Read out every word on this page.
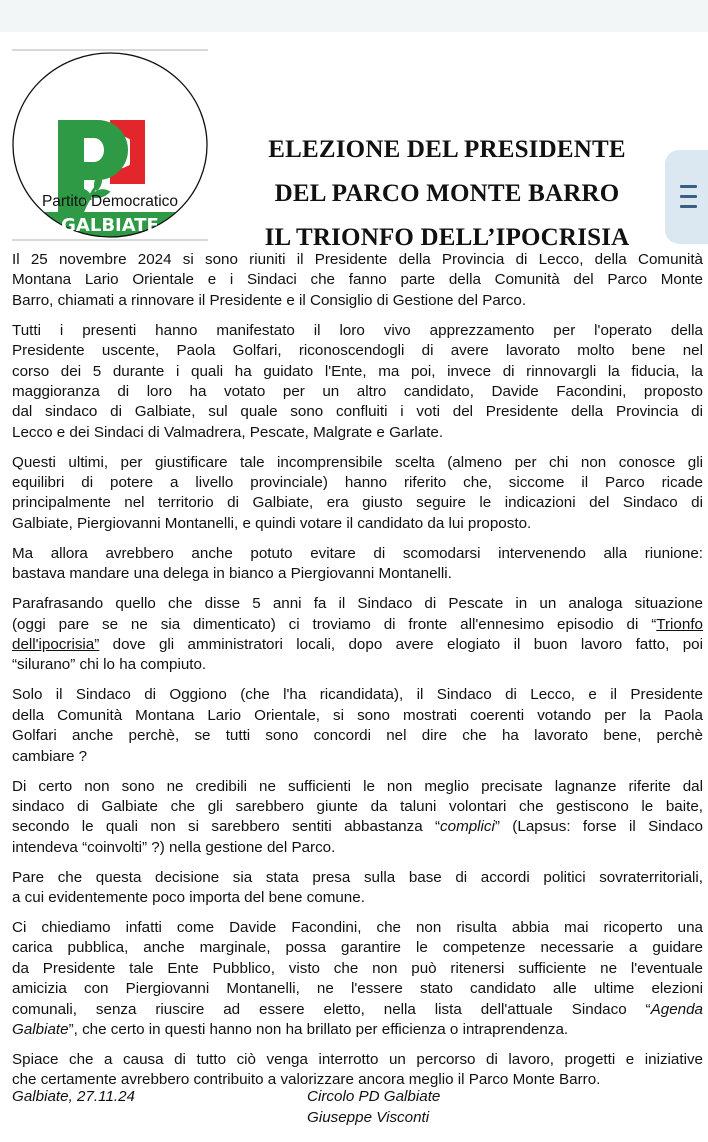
Partito Democratico
GALBIATE
ELEZIONE DEL PRESIDENTE
DEL PARCO MONTE BARRO
IL TRIONFO DELL’IPOCRISIA
Il 25 novembre 2024 si sono riuniti il Presidente della Provincia di Lecco, della Comunità
Montana Lario Orientale e i Sindaci che fanno parte della Comunità del Parco Monte
Barro, chiamati a rinnovare il Presidente e il Consiglio di Gestione del Parco.
Tutti i presenti hanno manifestato il loro vivo apprezzamento per l'operato della
Presidente uscente, Paola Golfari, riconoscendogli di avere lavorato molto bene nel
corso dei 5 durante i quali ha guidato l'Ente, ma poi, invece di rinnovargli la fiducia, la
maggioranza di loro ha votato per un altro candidato, Davide Facondini, proposto
dal sindaco di Galbiate, sul quale sono confluiti i voti del Presidente della Provincia di
Lecco e dei Sindaci di Valmadrera, Pescate, Malgrate e Garlate.
Questi ultimi, per giustificare tale incomprensibile scelta (almeno per chi non conosce gli
equilibri di potere a livello provinciale) hanno riferito che, siccome il Parco ricade
principalmente nel territorio di Galbiate, era giusto seguire le indicazioni del Sindaco di
Galbiate, Piergiovanni Montanelli, e quindi votare il candidato da lui proposto.
Ma allora avrebbero anche potuto evitare di scomodarsi intervenendo alla riunione:
bastava mandare una delega in bianco a Piergiovanni Montanelli.
Parafrasando quello che disse 5 anni fa il Sindaco di Pescate in un analoga situazione
(oggi pare se ne sia dimenticato) ci troviamo di fronte all'ennesimo episodio di “Trionfo
dell'ipocrisia” dove gli amministratori locali, dopo avere elogiato il buon lavoro fatto, poi
“silurano” chi lo ha compiuto.
Solo il Sindaco di Oggiono (che l'ha ricandidata), il Sindaco di Lecco, e il Presidente
della Comunità Montana Lario Orientale, si sono mostrati coerenti votando per la Paola
Golfari anche perchè, se tutti sono concordi nel dire che ha lavorato bene, perchè
cambiare ?
Di certo non sono ne credibili ne sufficienti le non meglio precisate lagnanze riferite dal
sindaco di Galbiate che gli sarebbero giunte da taluni volontari che gestiscono le baite,
secondo le quali non si sarebbero sentiti abbastanza “complici” (Lapsus: forse il Sindaco
intendeva “coinvolti” ?) nella gestione del Parco.
Pare che questa decisione sia stata presa sulla base di accordi politici sovraterritoriali,
a cui evidentemente poco importa del bene comune.
Ci chiediamo infatti come Davide Facondini, che non risulta abbia mai ricoperto una
carica pubblica, anche marginale, possa garantire le competenze necessarie a guidare
da Presidente tale Ente Pubblico, visto che non può ritenersi sufficiente ne l'eventuale
amicizia con Piergiovanni Montanelli, ne l'essere stato candidato alle ultime elezioni
comunali, senza riuscire ad essere eletto, nella lista dell'attuale Sindaco “Agenda
Galbiate”, che certo in questi hanno non ha brillato per efficienza o intraprendenza.
Spiace che a causa di tutto ciò venga interrotto un percorso di lavoro, progetti e iniziative
che certamente avrebbero contribuito a valorizzare ancora meglio il Parco Monte Barro.
Galbiate, 27.11.24	Circolo PD Galbiate
Giuseppe Visconti
